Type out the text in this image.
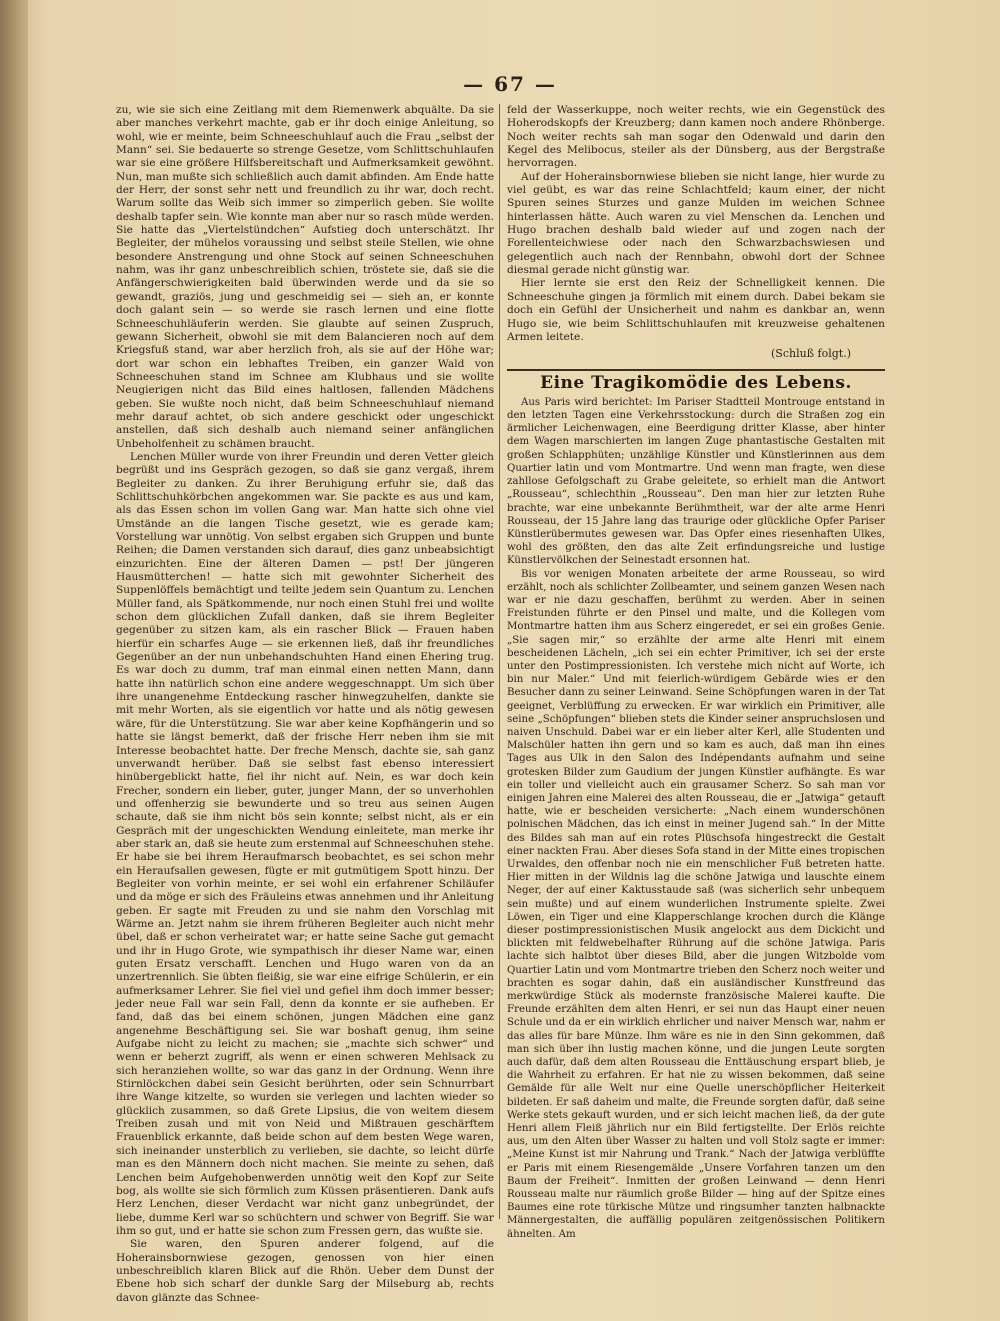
— 67 —

zu, wie sie sich eine Zeitlang mit dem Riemenwerk abquälte. Da sie aber manches verkehrt machte, gab er ihr doch einige Anleitung, so wohl, wie er meinte, beim Schneeschuhlauf auch die Frau „selbst der Mann“ sei. Sie bedauerte so strenge Gesetze, vom Schlittschuhlaufen war sie eine größere Hilfsbereitschaft und Aufmerksamkeit gewöhnt. Nun, man mußte sich schließlich auch damit abfinden. Am Ende hatte der Herr, der sonst sehr nett und freundlich zu ihr war, doch recht. Warum sollte das Weib sich immer so zimperlich geben. Sie wollte deshalb tapfer sein. Wie konnte man aber nur so rasch müde werden. Sie hatte das „Viertelstündchen“ Aufstieg doch unterschätzt. Ihr Begleiter, der mühelos voraussing und selbst steile Stellen, wie ohne besondere Anstrengung und ohne Stock auf seinen Schneeschuhen nahm, was ihr ganz unbeschreiblich schien, tröstete sie, daß sie die Anfängerschwierigkeiten bald überwinden werde und da sie so gewandt, graziös, jung und geschmeidig sei — sieh an, er konnte doch galant sein — so werde sie rasch lernen und eine flotte Schneeschuhläuferin werden. Sie glaubte auf seinen Zuspruch, gewann Sicherheit, obwohl sie mit dem Balancieren noch auf dem Kriegsfuß stand, war aber herzlich froh, als sie auf der Höhe war; dort war schon ein lebhaftes Treiben, ein ganzer Wald von Schneeschuhen stand im Schnee am Klubhaus und sie wollte Neugierigen nicht das Bild eines haltlosen, fallenden Mädchens geben. Sie wußte noch nicht, daß beim Schneeschuhlauf niemand mehr darauf achtet, ob sich andere geschickt oder ungeschickt anstellen, daß sich deshalb auch niemand seiner anfänglichen Unbeholfenheit zu schämen braucht.

Lenchen Müller wurde von ihrer Freundin und deren Vetter gleich begrüßt und ins Gespräch gezogen, so daß sie ganz vergaß, ihrem Begleiter zu danken. Zu ihrer Beruhigung erfuhr sie, daß das Schlittschuhkörbchen angekommen war. Sie packte es aus und kam, als das Essen schon im vollen Gang war. Man hatte sich ohne viel Umstände an die langen Tische gesetzt, wie es gerade kam; Vorstellung war unnötig. Von selbst ergaben sich Gruppen und bunte Reihen; die Damen verstanden sich darauf, dies ganz unbeabsichtigt einzurichten. Eine der älteren Damen — pst! Der jüngeren Hausmütterchen! — hatte sich mit gewohnter Sicherheit des Suppenlöffels bemächtigt und teilte jedem sein Quantum zu. Lenchen Müller fand, als Spätkommende, nur noch einen Stuhl frei und wollte schon dem glücklichen Zufall danken, daß sie ihrem Begleiter gegenüber zu sitzen kam, als ein rascher Blick — Frauen haben hierfür ein scharfes Auge — sie erkennen ließ, daß ihr freundliches Gegenüber an der nun unbehandschuhten Hand einen Ehering trug. Es war doch zu dumm, traf man einmal einen netten Mann, dann hatte ihn natürlich schon eine andere weggeschnappt. Um sich über ihre unangenehme Entdeckung rascher hinwegzuhelfen, dankte sie mit mehr Worten, als sie eigentlich vor hatte und als nötig gewesen wäre, für die Unterstützung. Sie war aber keine Kopfhängerin und so hatte sie längst bemerkt, daß der frische Herr neben ihm sie mit Interesse beobachtet hatte. Der freche Mensch, dachte sie, sah ganz unverwandt herüber. Daß sie selbst fast ebenso interessiert hinübergeblickt hatte, fiel ihr nicht auf. Nein, es war doch kein Frecher, sondern ein lieber, guter, junger Mann, der so unverhohlen und offenherzig sie bewunderte und so treu aus seinen Augen schaute, daß sie ihm nicht bös sein konnte; selbst nicht, als er ein Gespräch mit der ungeschickten Wendung einleitete, man merke ihr aber stark an, daß sie heute zum erstenmal auf Schneeschuhen stehe. Er habe sie bei ihrem Heraufmarsch beobachtet, es sei schon mehr ein Heraufsallen gewesen, fügte er mit gutmütigem Spott hinzu. Der Begleiter von vorhin meinte, er sei wohl ein erfahrener Schiläufer und da möge er sich des Fräuleins etwas annehmen und ihr Anleitung geben. Er sagte mit Freuden zu und sie nahm den Vorschlag mit Wärme an. Jetzt nahm sie ihrem früheren Begleiter auch nicht mehr übel, daß er schon verheiratet war; er hatte seine Sache gut gemacht und ihr in Hugo Grote, wie sympathisch ihr dieser Name war, einen guten Ersatz verschafft. Lenchen und Hugo waren von da an unzertrennlich. Sie übten fleißig, sie war eine eifrige Schülerin, er ein aufmerksamer Lehrer. Sie fiel viel und gefiel ihm doch immer besser; jeder neue Fall war sein Fall, denn da konnte er sie aufheben. Er fand, daß das bei einem schönen, jungen Mädchen eine ganz angenehme Beschäftigung sei. Sie war boshaft genug, ihm seine Aufgabe nicht zu leicht zu machen; sie „machte sich schwer“ und wenn er beherzt zugriff, als wenn er einen schweren Mehlsack zu sich heranziehen wollte, so war das ganz in der Ordnung. Wenn ihre Stirnlöckchen dabei sein Gesicht berührten, oder sein Schnurrbart ihre Wange kitzelte, so wurden sie verlegen und lachten wieder so glücklich zusammen, so daß Grete Lipsius, die von weitem diesem Treiben zusah und mit von Neid und Mißtrauen geschärftem Frauenblick erkannte, daß beide schon auf dem besten Wege waren, sich ineinander unsterblich zu verlieben, sie dachte, so leicht dürfe man es den Männern doch nicht machen. Sie meinte zu sehen, daß Lenchen beim Aufgehobenwerden unnötig weit den Kopf zur Seite bog, als wollte sie sich förmlich zum Küssen präsentieren. Dank aufs Herz Lenchen, dieser Verdacht war nicht ganz unbegründet, der liebe, dumme Kerl war so schüchtern und schwer von Begriff. Sie war ihm so gut, und er hatte sie schon zum Fressen gern, das wußte sie.

Sie waren, den Spuren anderer folgend, auf die Hoherainsbornwiese gezogen, genossen von hier einen unbeschreiblich klaren Blick auf die Rhön. Ueber dem Dunst der Ebene hob sich scharf der dunkle Sarg der Milseburg ab, rechts davon glänzte das Schnee-

feld der Wasserkuppe, noch weiter rechts, wie ein Gegenstück des Hoherodskopfs der Kreuzberg; dann kamen noch andere Rhönberge. Noch weiter rechts sah man sogar den Odenwald und darin den Kegel des Melibocus, steiler als der Dünsberg, aus der Bergstraße hervorragen.

Auf der Hoherainsbornwiese blieben sie nicht lange, hier wurde zu viel geübt, es war das reine Schlachtfeld; kaum einer, der nicht Spuren seines Sturzes und ganze Mulden im weichen Schnee hinterlassen hätte. Auch waren zu viel Menschen da. Lenchen und Hugo brachen deshalb bald wieder auf und zogen nach der Forellenteichwiese oder nach den Schwarzbachswiesen und gelegentlich auch nach der Rennbahn, obwohl dort der Schnee diesmal gerade nicht günstig war.

Hier lernte sie erst den Reiz der Schnelligkeit kennen. Die Schneeschuhe gingen ja förmlich mit einem durch. Dabei bekam sie doch ein Gefühl der Unsicherheit und nahm es dankbar an, wenn Hugo sie, wie beim Schlittschuhlaufen mit kreuzweise gehaltenen Armen leitete.

(Schluß folgt.)
Eine Tragikomödie des Lebens.

Aus Paris wird berichtet: Im Pariser Stadtteil Montrouge entstand in den letzten Tagen eine Verkehrsstockung: durch die Straßen zog ein ärmlicher Leichenwagen, eine Beerdigung dritter Klasse, aber hinter dem Wagen marschierten im langen Zuge phantastische Gestalten mit großen Schlapphüten; unzählige Künstler und Künstlerinnen aus dem Quartier latin und vom Montmartre. Und wenn man fragte, wen diese zahllose Gefolgschaft zu Grabe geleitete, so erhielt man die Antwort „Rousseau“, schlechthin „Rousseau“. Den man hier zur letzten Ruhe brachte, war eine unbekannte Berühmtheit, war der alte arme Henri Rousseau, der 15 Jahre lang das traurige oder glückliche Opfer Pariser Künstlerübermutes gewesen war. Das Opfer eines riesenhaften Ulkes, wohl des größten, den das alte Zeit erfindungsreiche und lustige Künstlervölkchen der Seinestadt ersonnen hat.

Bis vor wenigen Monaten arbeitete der arme Rousseau, so wird erzählt, noch als schlichter Zollbeamter, und seinem ganzen Wesen nach war er nie dazu geschaffen, berühmt zu werden. Aber in seinen Freistunden führte er den Pinsel und malte, und die Kollegen vom Montmartre hatten ihm aus Scherz eingeredet, er sei ein großes Genie. „Sie sagen mir,“ so erzählte der arme alte Henri mit einem bescheidenen Lächeln, „ich sei ein echter Primitiver, ich sei der erste unter den Postimpressionisten. Ich verstehe mich nicht auf Worte, ich bin nur Maler.“ Und mit feierlich-würdigem Gebärde wies er den Besucher dann zu seiner Leinwand. Seine Schöpfungen waren in der Tat geeignet, Verblüffung zu erwecken. Er war wirklich ein Primitiver, alle seine „Schöpfungen“ blieben stets die Kinder seiner anspruchslosen und naiven Unschuld. Dabei war er ein lieber alter Kerl, alle Studenten und Malschüler hatten ihn gern und so kam es auch, daß man ihn eines Tages aus Ulk in den Salon des Indépendants aufnahm und seine grotesken Bilder zum Gaudium der jungen Künstler aufhängte. Es war ein toller und vielleicht auch ein grausamer Scherz. So sah man vor einigen Jahren eine Malerei des alten Rousseau, die er „Jatwiga“ getauft hatte, wie er bescheiden versicherte: „Nach einem wunderschönen polnischen Mädchen, das ich einst in meiner Jugend sah.“ In der Mitte des Bildes sah man auf ein rotes Plüschsofa hingestreckt die Gestalt einer nackten Frau. Aber dieses Sofa stand in der Mitte eines tropischen Urwaldes, den offenbar noch nie ein menschlicher Fuß betreten hatte. Hier mitten in der Wildnis lag die schöne Jatwiga und lauschte einem Neger, der auf einer Kaktusstaude saß (was sicherlich sehr unbequem sein mußte) und auf einem wunderlichen Instrumente spielte. Zwei Löwen, ein Tiger und eine Klapperschlange krochen durch die Klänge dieser postimpressionistischen Musik angelockt aus dem Dickicht und blickten mit feldwebelhafter Rührung auf die schöne Jatwiga. Paris lachte sich halbtot über dieses Bild, aber die jungen Witzbolde vom Quartier Latin und vom Montmartre trieben den Scherz noch weiter und brachten es sogar dahin, daß ein ausländischer Kunstfreund das merkwürdige Stück als modernste französische Malerei kaufte. Die Freunde erzählten dem alten Henri, er sei nun das Haupt einer neuen Schule und da er ein wirklich ehrlicher und naiver Mensch war, nahm er das alles für bare Münze. Ihm wäre es nie in den Sinn gekommen, daß man sich über ihn lustig machen könne, und die jungen Leute sorgten auch dafür, daß dem alten Rousseau die Enttäuschung erspart blieb, je die Wahrheit zu erfahren. Er hat nie zu wissen bekommen, daß seine Gemälde für alle Welt nur eine Quelle unerschöpflicher Heiterkeit bildeten. Er saß daheim und malte, die Freunde sorgten dafür, daß seine Werke stets gekauft wurden, und er sich leicht machen ließ, da der gute Henri allem Fleiß jährlich nur ein Bild fertigstellte. Der Erlös reichte aus, um den Alten über Wasser zu halten und voll Stolz sagte er immer: „Meine Kunst ist mir Nahrung und Trank.“ Nach der Jatwiga verblüffte er Paris mit einem Riesengemälde „Unsere Vorfahren tanzen um den Baum der Freiheit“. Inmitten der großen Leinwand — denn Henri Rousseau malte nur räumlich große Bilder — hing auf der Spitze eines Baumes eine rote türkische Mütze und ringsumher tanzten halbnackte Männergestalten, die auffällig populären zeitgenössischen Politikern ähnelten. Am
